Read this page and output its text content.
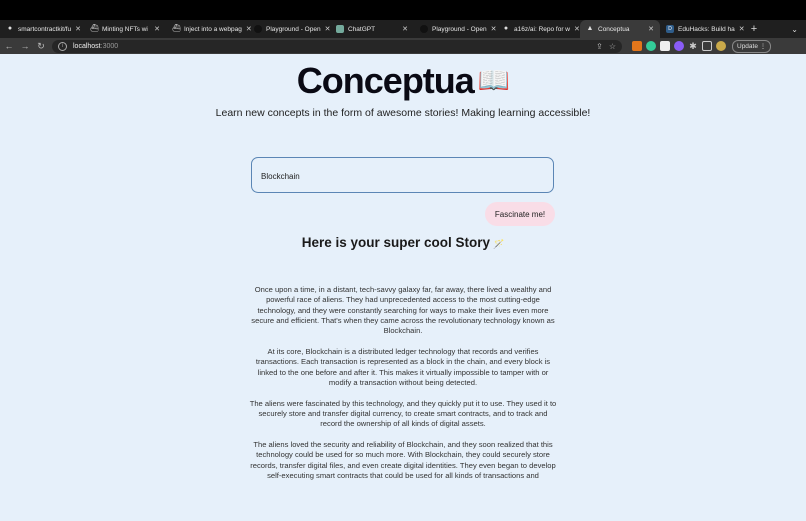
● smartcontractkit/fu ✕ ⛴ Minting NFTs wi ✕ ⛴ Inject into a webpag ✕ Playground - Open ✕	ChatGPT	✕	Playground - Open ✕ ● a16z/ai: Repo for w ✕ ▲ Conceptua	✕	D EduHacks: Build ha ✕ +	⌄
← → ↻	i	localhost :3000	⇪ ☆	✱	Update ⋮
Conceptua 📖
Learn new concepts in the form of awesome stories! Making learning accessible!
Blockchain
Fascinate me!
Here is your super cool Story 🪄

Once upon a time, in a distant, tech-savvy galaxy far, far away, there lived a wealthy and powerful race of aliens. They had unprecedented access to the most cutting-edge technology, and they were constantly searching for ways to make their lives even more secure and efficient. That's when they came across the revolutionary technology known as Blockchain.

At its core, Blockchain is a distributed ledger technology that records and verifies transactions. Each transaction is represented as a block in the chain, and every block is linked to the one before and after it. This makes it virtually impossible to tamper with or modify a transaction without being detected.

The aliens were fascinated by this technology, and they quickly put it to use. They used it to securely store and transfer digital currency, to create smart contracts, and to track and record the ownership of all kinds of digital assets.

The aliens loved the security and reliability of Blockchain, and they soon realized that this technology could be used for so much more. With Blockchain, they could securely store records, transfer digital files, and even create digital identities. They even began to develop self-executing smart contracts that could be used for all kinds of transactions and
